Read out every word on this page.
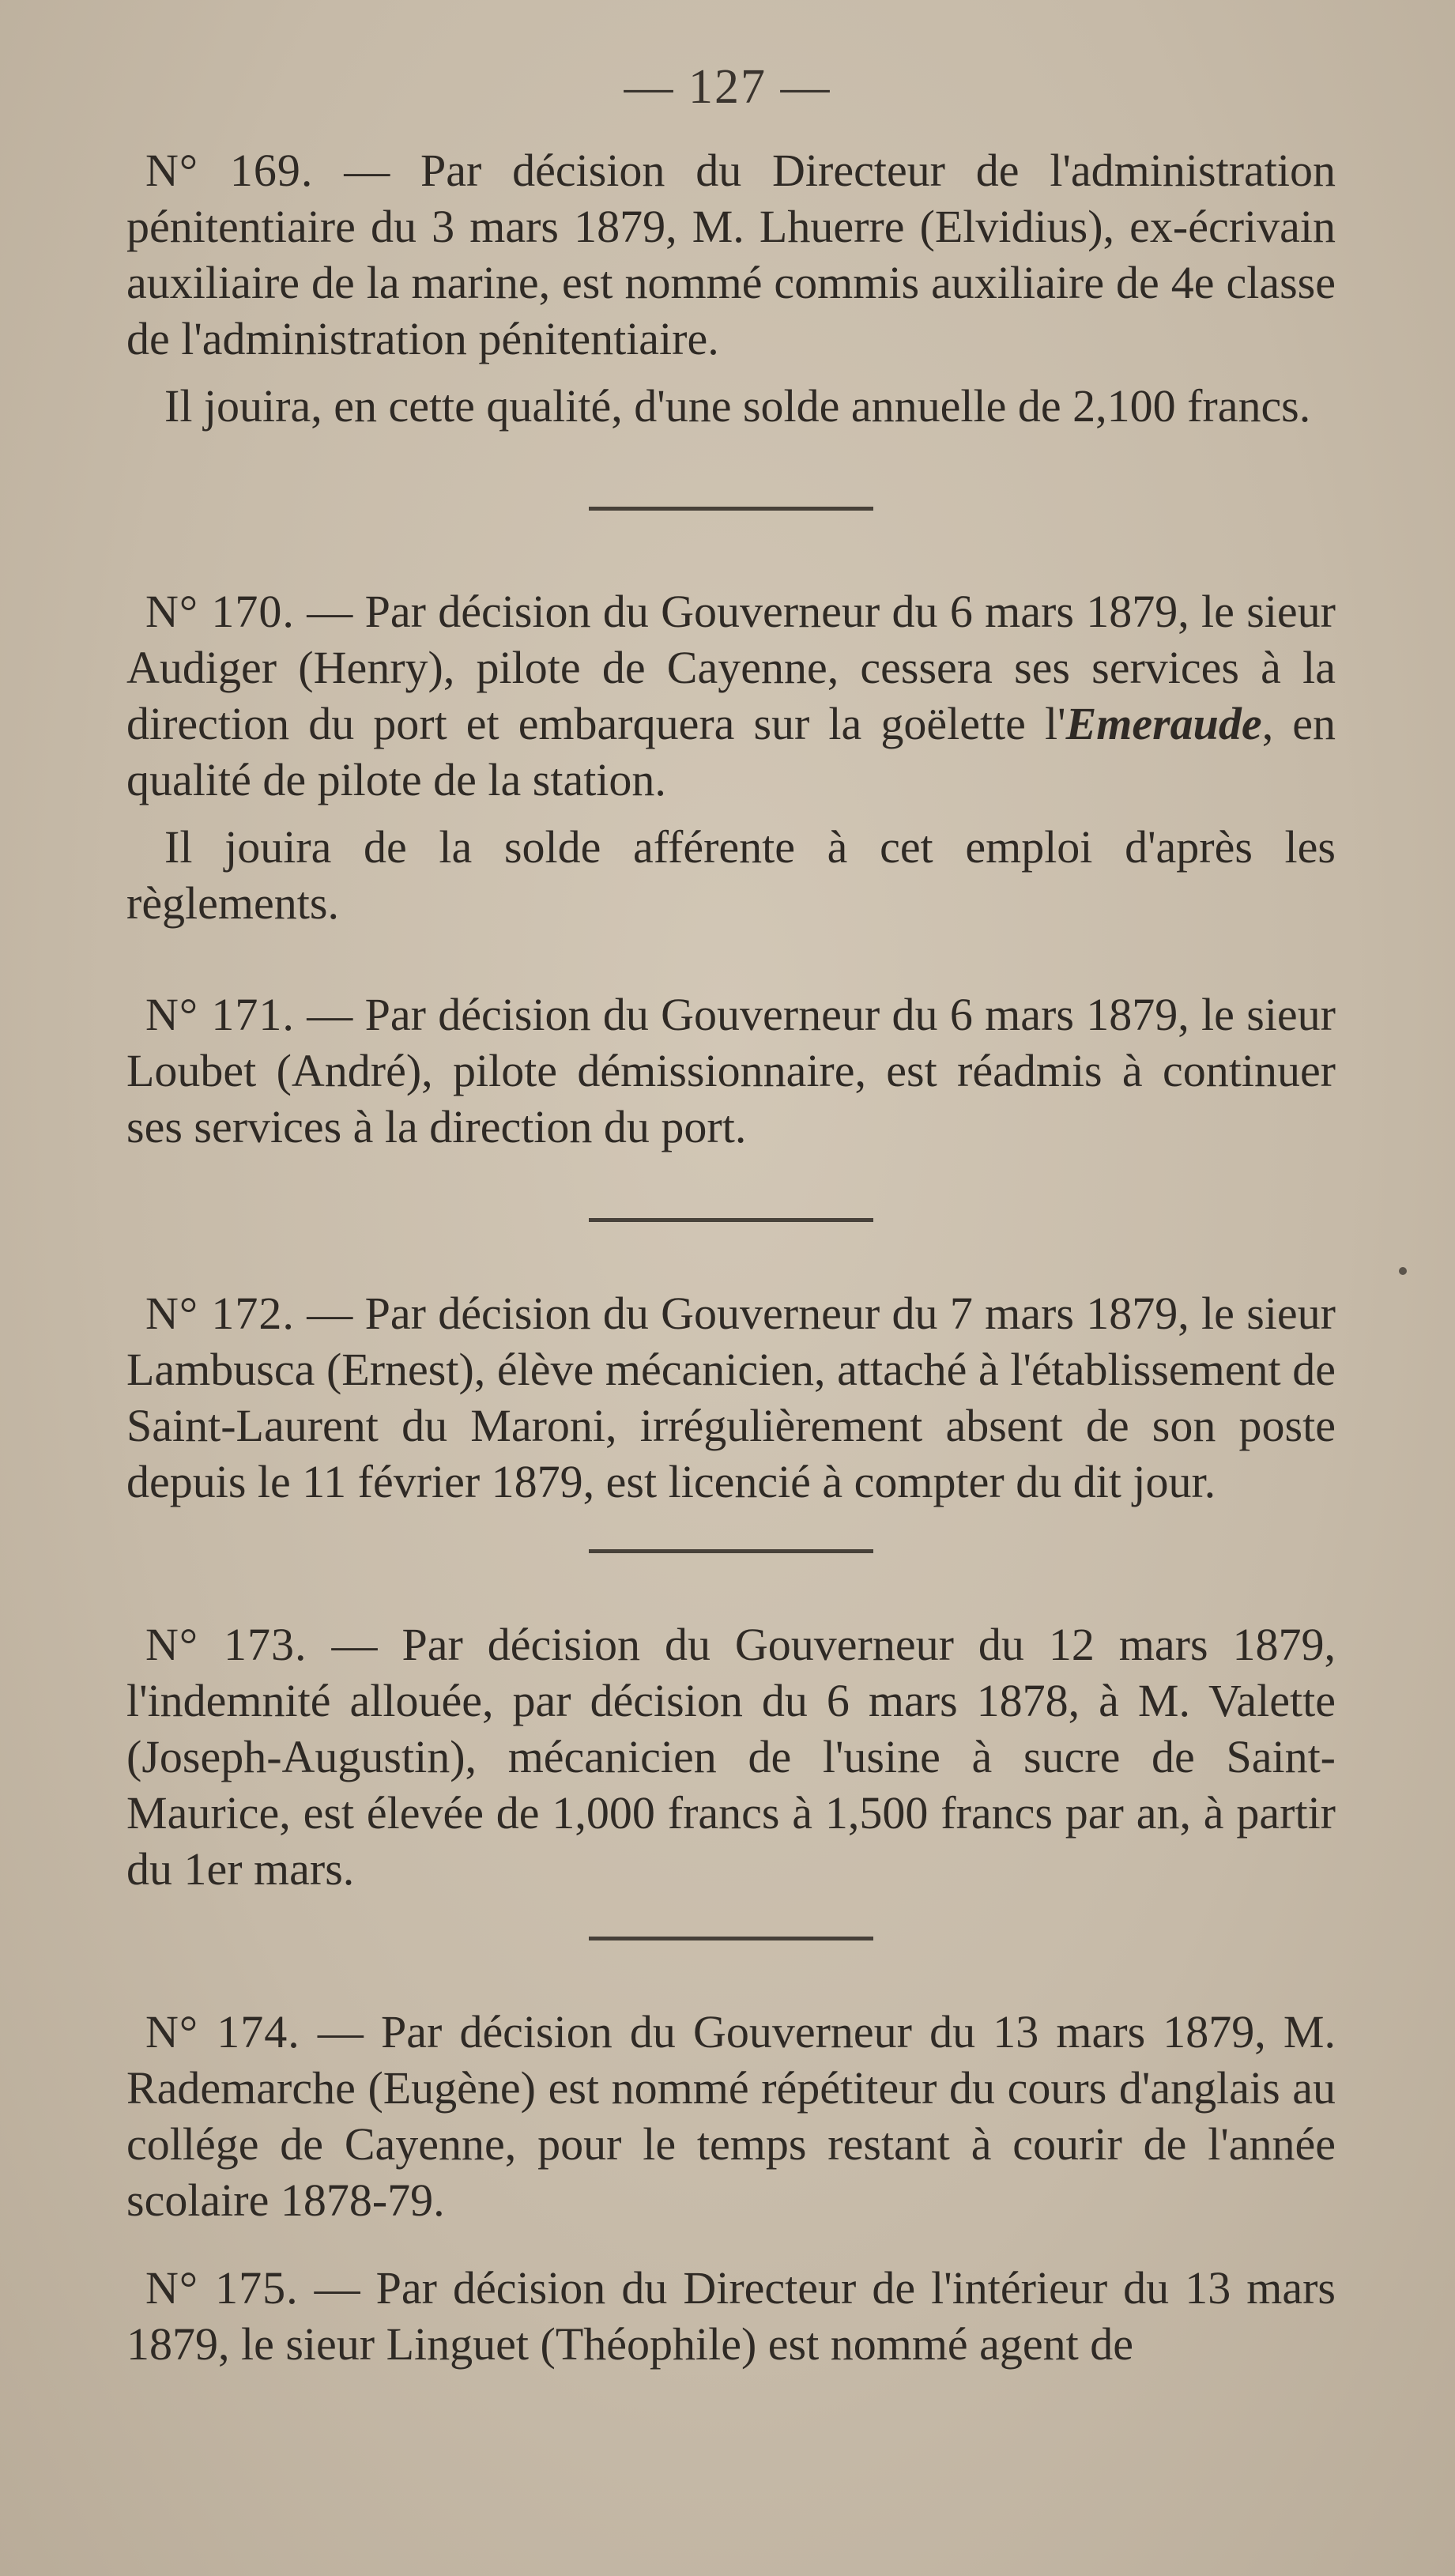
— 127 —

N° 169. — Par décision du Directeur de l'administration pénitentiaire du 3 mars 1879, M. Lhuerre (Elvidius), ex-écrivain auxiliaire de la marine, est nommé commis auxiliaire de 4e classe de l'administration pénitentiaire.

Il jouira, en cette qualité, d'une solde annuelle de 2,100 francs.

N° 170. — Par décision du Gouverneur du 6 mars 1879, le sieur Audiger (Henry), pilote de Cayenne, cessera ses services à la direction du port et embarquera sur la goëlette l'Emeraude, en qualité de pilote de la station.

Il jouira de la solde afférente à cet emploi d'après les règlements.

N° 171. — Par décision du Gouverneur du 6 mars 1879, le sieur Loubet (André), pilote démissionnaire, est réadmis à continuer ses services à la direction du port.

N° 172. — Par décision du Gouverneur du 7 mars 1879, le sieur Lambusca (Ernest), élève mécanicien, attaché à l'établissement de Saint-Laurent du Maroni, irrégulièrement absent de son poste depuis le 11 février 1879, est licencié à compter du dit jour.

N° 173. — Par décision du Gouverneur du 12 mars 1879, l'indemnité allouée, par décision du 6 mars 1878, à M. Valette (Joseph-Augustin), mécanicien de l'usine à sucre de Saint-Maurice, est élevée de 1,000 francs à 1,500 francs par an, à partir du 1er mars.

N° 174. — Par décision du Gouverneur du 13 mars 1879, M. Rademarche (Eugène) est nommé répétiteur du cours d'anglais au collége de Cayenne, pour le temps restant à courir de l'année scolaire 1878-79.

N° 175. — Par décision du Directeur de l'intérieur du 13 mars 1879, le sieur Linguet (Théophile) est nommé agent de
